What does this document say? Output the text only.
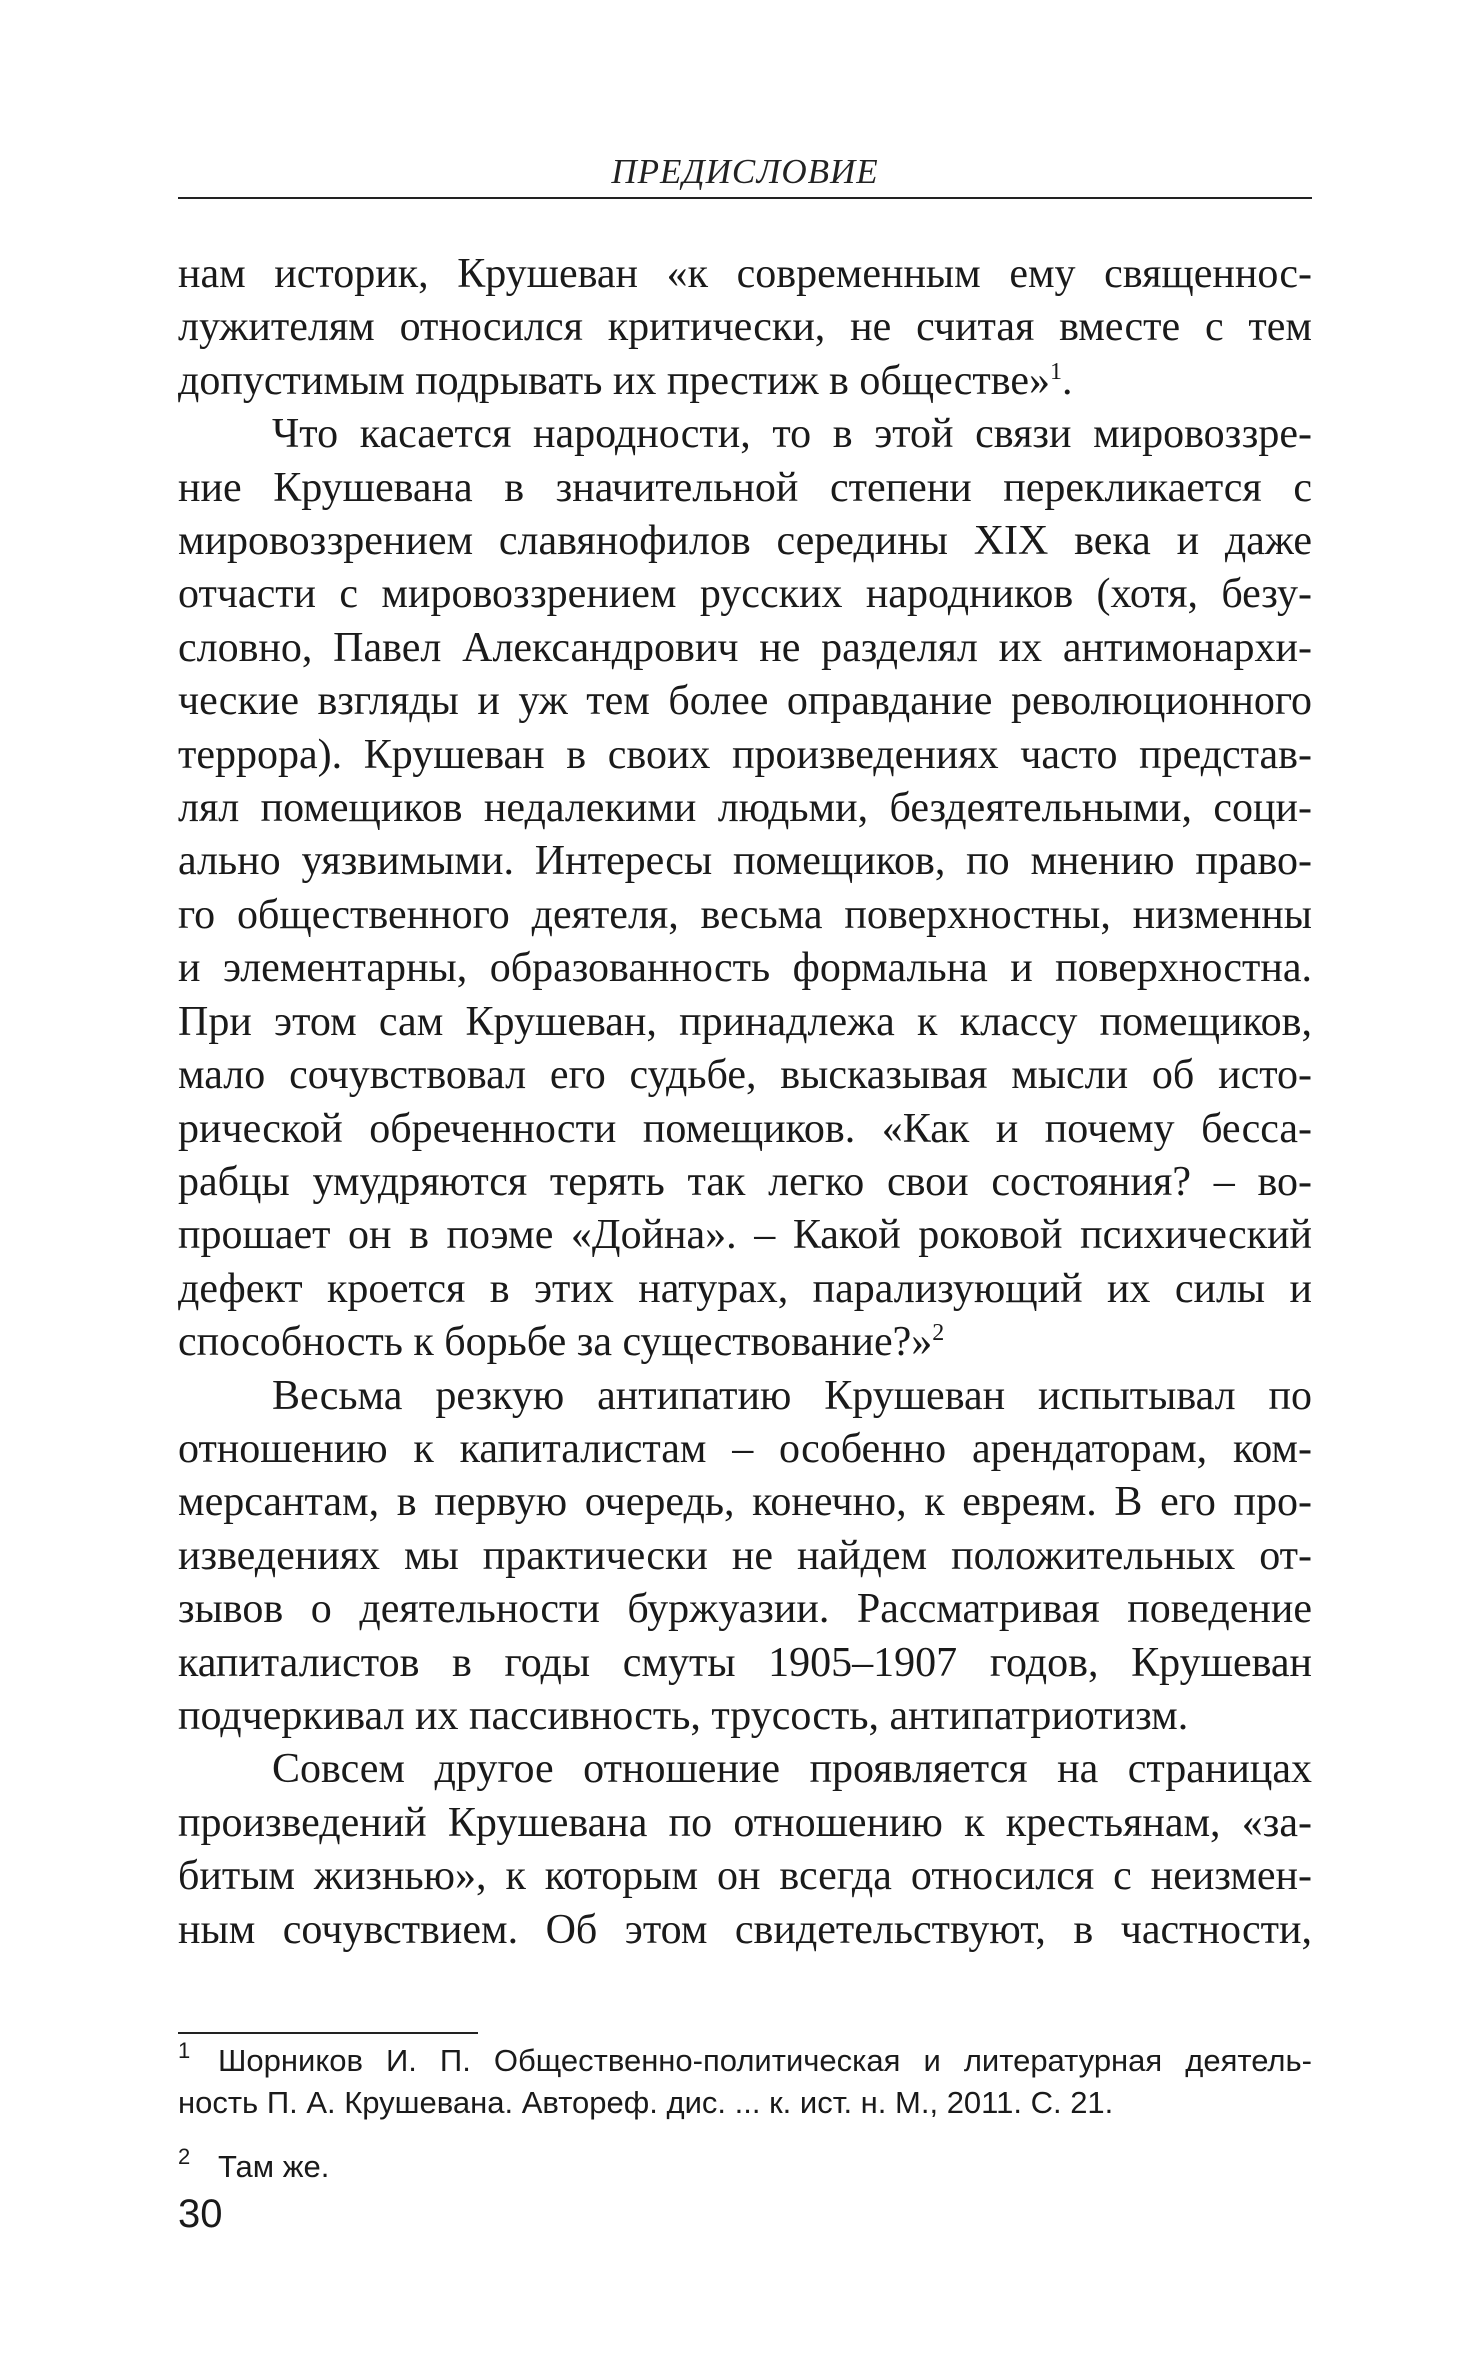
ПРЕДИСЛОВИЕ

нам историк, Крушеван «к современным ему священнос-
лужителям относился критически, не считая вместе с тем
допустимым подрывать их престиж в обществе»$^1$.

Что касается народности, то в этой связи мировоззре-
ние Крушевана в значительной степени перекликается с
мировоззрением славянофилов середины XIX века и даже
отчасти с мировоззрением русских народников (хотя, безу-
словно, Павел Александрович не разделял их антимонархи-
ческие взгляды и уж тем более оправдание революционного
террора). Крушеван в своих произведениях часто представ-
лял помещиков недалекими людьми, бездеятельными, соци-
ально уязвимыми. Интересы помещиков, по мнению право-
го общественного деятеля, весьма поверхностны, низменны
и элементарны, образованность формальна и поверхностна.
При этом сам Крушеван, принадлежа к классу помещиков,
мало сочувствовал его судьбе, высказывая мысли об исто-
рической обреченности помещиков. «Как и почему бесса-
рабцы умудряются терять так легко свои состояния? – во-
прошает он в поэме «Дойна». – Какой роковой психический
дефект кроется в этих натурах, парализующий их силы и
способность к борьбе за существование?»$^2$

Весьма резкую антипатию Крушеван испытывал по
отношению к капиталистам – особенно арендаторам, ком-
мерсантам, в первую очередь, конечно, к евреям. В его про-
изведениях мы практически не найдем положительных от-
зывов о деятельности буржуазии. Рассматривая поведение
капиталистов в годы смуты 1905–1907 годов, Крушеван
подчеркивал их пассивность, трусость, антипатриотизм.

Совсем другое отношение проявляется на страницах
произведений Крушевана по отношению к крестьянам, «за-
битым жизнью», к которым он всегда относился с неизмен-
ным сочувствием. Об этом свидетельствуют, в частности,

1 Шорников И. П. Общественно-политическая и литературная деятель-
ность П. А. Крушевана. Автореф. дис. ... к. ист. н. М., 2011. С. 21.
2 Там же.
30
